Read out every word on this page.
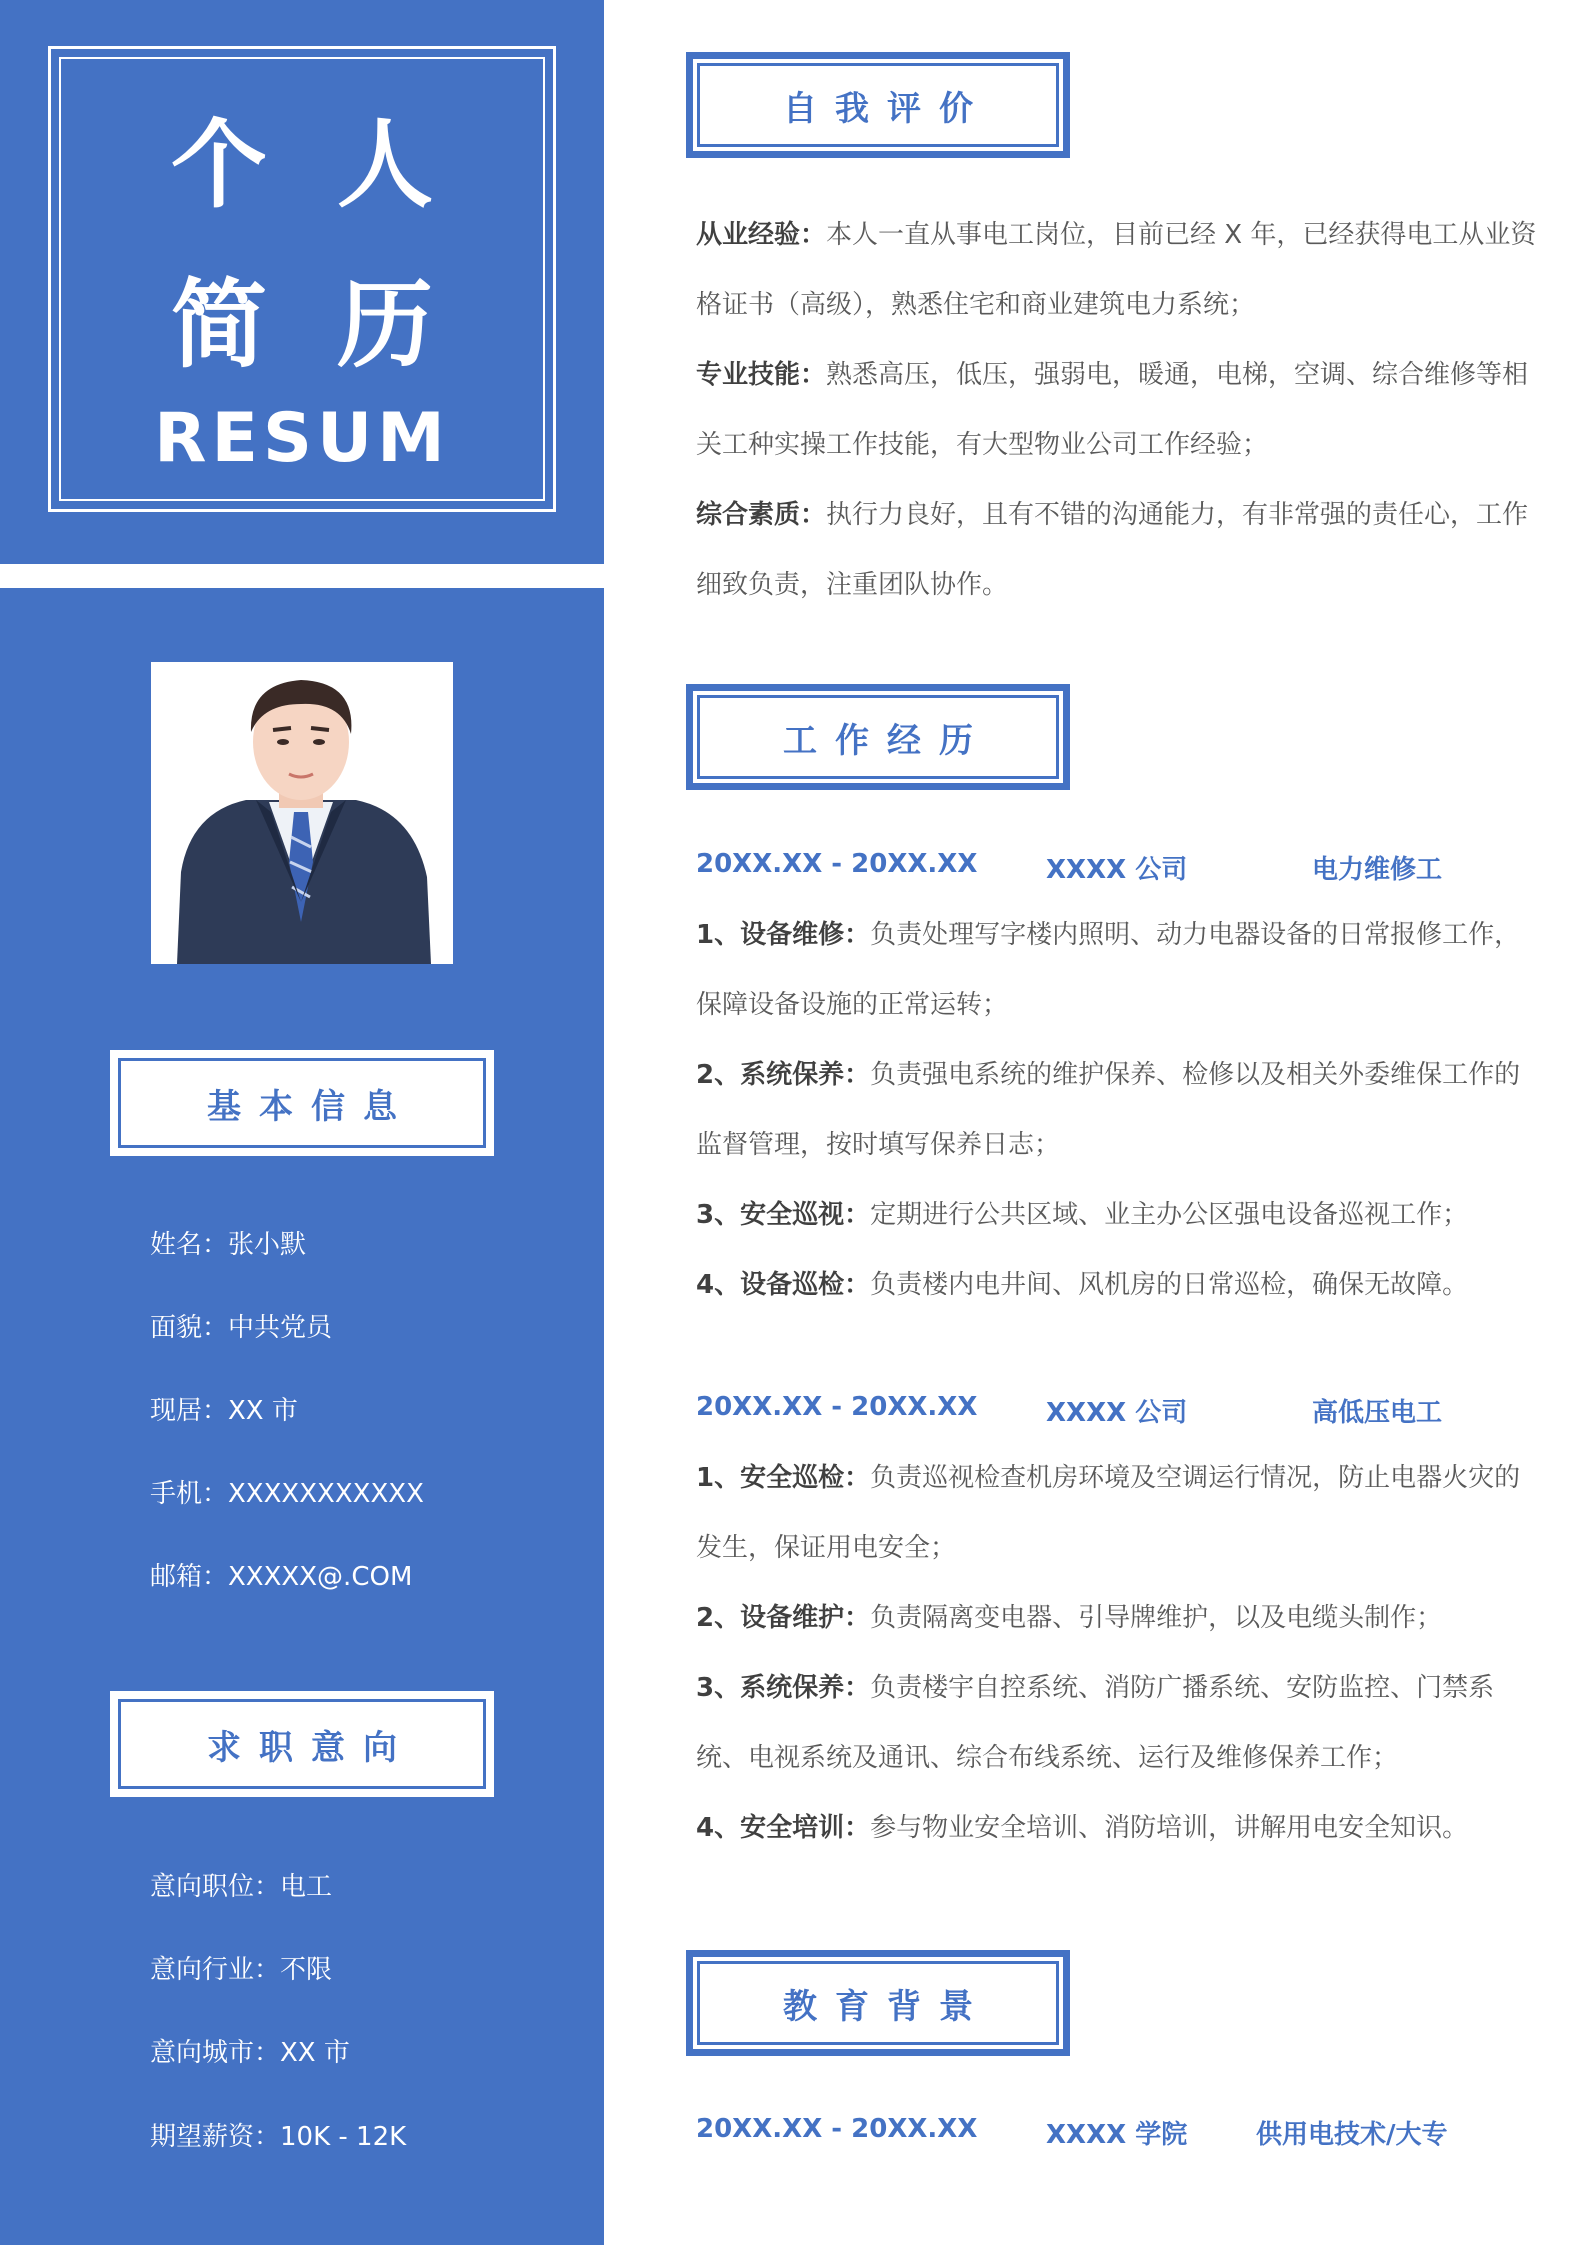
个人
简历
RESUM
基本信息
姓名：张小默
面貌：中共党员
现居：XX 市
手机：XXXXXXXXXXX
邮箱：XXXXX@.COM
求职意向
意向职位：电工
意向行业：不限
意向城市：XX 市
期望薪资：10K - 12K
自我评价
从业经验：本人一直从事电工岗位，目前已经 X 年，已经获得电工从业资格证书（高级），熟悉住宅和商业建筑电力系统；
专业技能：熟悉高压，低压，强弱电，暖通，电梯，空调、综合维修等相关工种实操工作技能，有大型物业公司工作经验；
综合素质：执行力良好，且有不错的沟通能力，有非常强的责任心，工作细致负责，注重团队协作。
工作经历
20XX.XX - 20XX.XX	XXXX 公司	电力维修工
1、设备维修：负责处理写字楼内照明、动力电器设备的日常报修工作，保障设备设施的正常运转；
2、系统保养：负责强电系统的维护保养、检修以及相关外委维保工作的监督管理，按时填写保养日志；
3、安全巡视：定期进行公共区域、业主办公区强电设备巡视工作；
4、设备巡检：负责楼内电井间、风机房的日常巡检，确保无故障。
20XX.XX - 20XX.XX	XXXX 公司	高低压电工
1、安全巡检：负责巡视检查机房环境及空调运行情况，防止电器火灾的发生，保证用电安全；
2、设备维护：负责隔离变电器、引导牌维护，以及电缆头制作；
3、系统保养：负责楼宇自控系统、消防广播系统、安防监控、门禁系统、电视系统及通讯、综合布线系统、运行及维修保养工作；
4、安全培训：参与物业安全培训、消防培训，讲解用电安全知识。
教育背景
20XX.XX - 20XX.XX	XXXX 学院	供用电技术/大专
